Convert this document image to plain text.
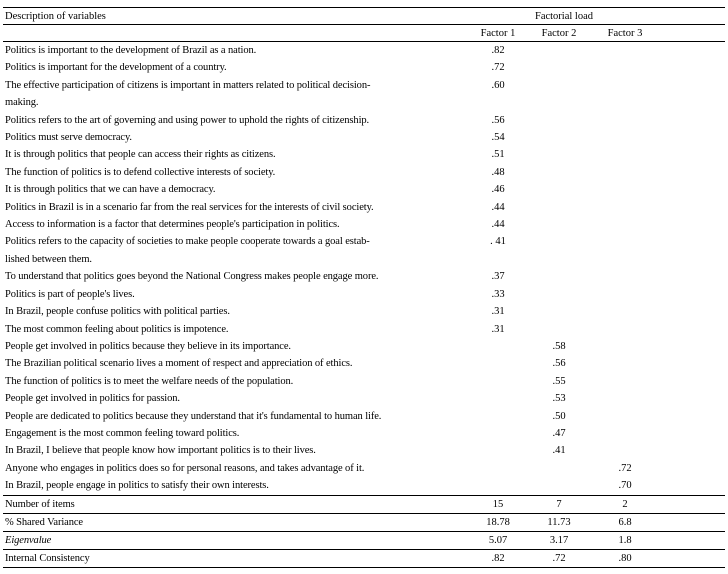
Description of variables	Factorial load			
	Factor 1	Factor 2	Factor 3	
Politics is important to the development of Brazil as a nation.	.82			
Politics is important for the development of a country.	.72			

The effective participation of citizens is important in matters related to political decision-
making.	.60			
Politics refers to the art of governing and using power to uphold the rights of citizenship.	.56			
Politics must serve democracy.	.54			
It is through politics that people can access their rights as citizens.	.51			
The function of politics is to defend collective interests of society.	.48			
It is through politics that we can have a democracy.	.46			
Politics in Brazil is in a scenario far from the real services for the interests of civil society.	.44			
Access to information is a factor that determines people's participation in politics.	.44			

Politics refers to the capacity of societies to make people cooperate towards a goal estab-
lished between them.	. 41			
To understand that politics goes beyond the National Congress makes people engage more.	.37			
Politics is part of people's lives.	.33			
In Brazil, people confuse politics with political parties.	.31			
The most common feeling about politics is impotence.	.31			
People get involved in politics because they believe in its importance.		.58		
The Brazilian political scenario lives a moment of respect and appreciation of ethics.		.56		
The function of politics is to meet the welfare needs of the population.		.55		
People get involved in politics for passion.		.53		
People are dedicated to politics because they understand that it's fundamental to human life.		.50		
Engagement is the most common feeling toward politics.		.47		
In Brazil, I believe that people know how important politics is to their lives.		.41		
Anyone who engages in politics does so for personal reasons, and takes advantage of it.			.72	
In Brazil, people engage in politics to satisfy their own interests.			.70	
Number of items	15	7	2	
% Shared Variance	18.78	11.73	6.8	
Eigenvalue	5.07	3.17	1.8	
Internal Consistency	.82	.72	.80	
